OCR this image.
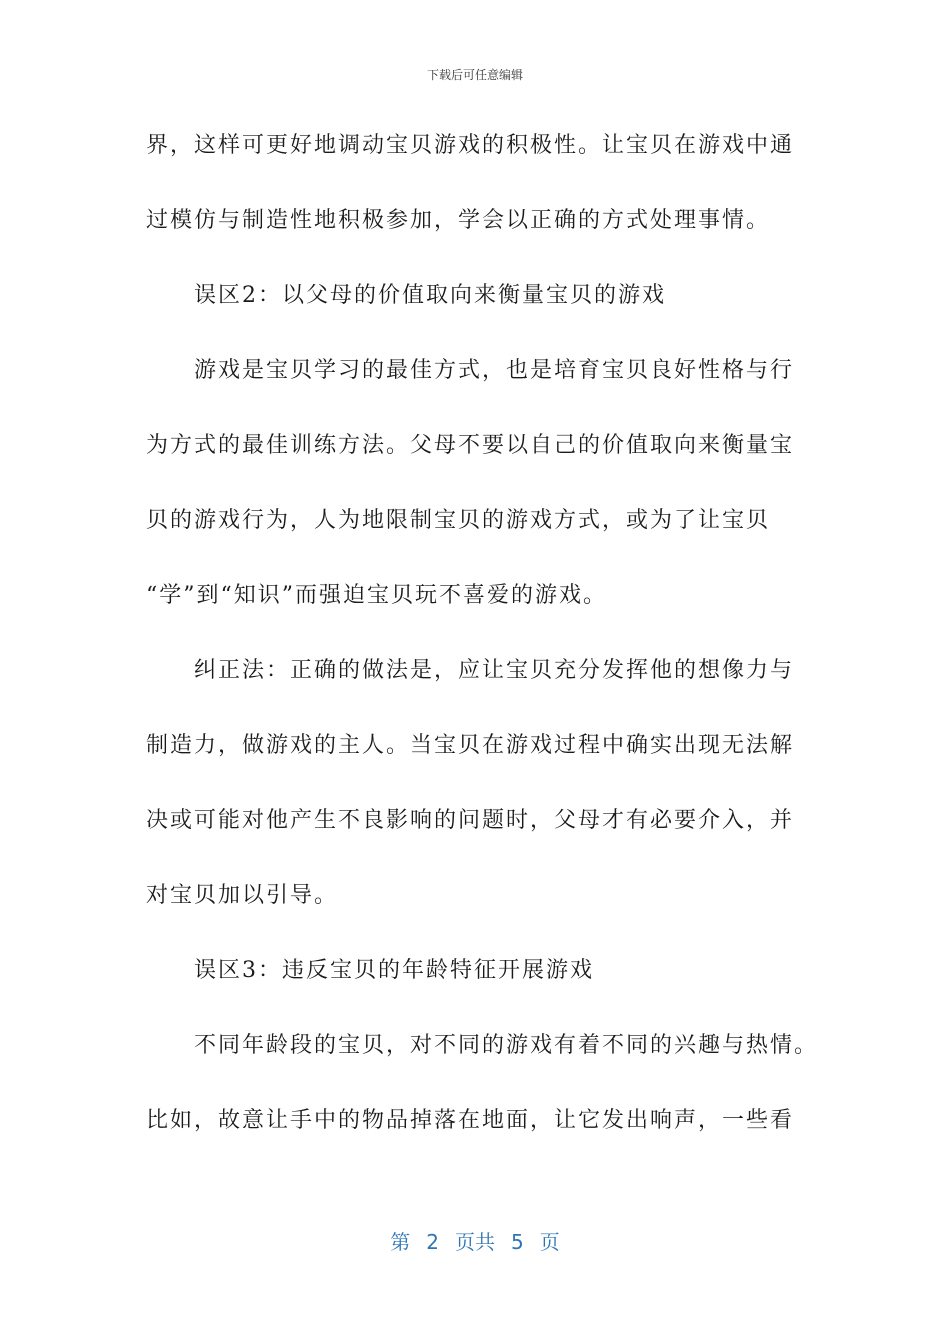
下载后可任意编辑
界，这样可更好地调动宝贝游戏的积极性。让宝贝在游戏中通
过模仿与制造性地积极参加，学会以正确的方式处理事情。
误区2：以父母的价值取向来衡量宝贝的游戏
游戏是宝贝学习的最佳方式，也是培育宝贝良好性格与行
为方式的最佳训练方法。父母不要以自己的价值取向来衡量宝
贝的游戏行为，人为地限制宝贝的游戏方式，或为了让宝贝
“学”到“知识”而强迫宝贝玩不喜爱的游戏。
纠正法：正确的做法是，应让宝贝充分发挥他的想像力与
制造力，做游戏的主人。当宝贝在游戏过程中确实出现无法解
决或可能对他产生不良影响的问题时，父母才有必要介入，并
对宝贝加以引导。
误区3：违反宝贝的年龄特征开展游戏
不同年龄段的宝贝，对不同的游戏有着不同的兴趣与热情。
比如，故意让手中的物品掉落在地面，让它发出响声，一些看
第 2 页共 5 页
